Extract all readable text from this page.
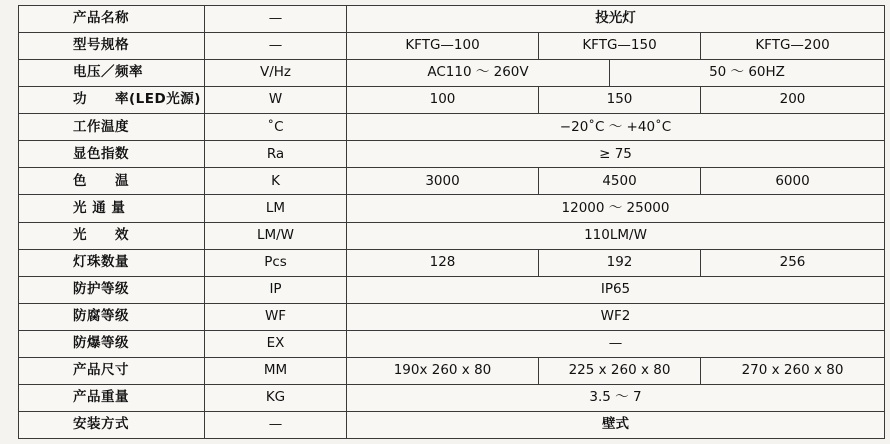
产品名称	—	投光灯			
型号规格	—	KFTG—100	KFTG—150		KFTG—200
电压／频率	V/Hz	AC110 ～ 260V		50 ～ 60HZ	
功　　率(LED光源)	W	100	150		200
工作温度	˚C	−20˚C ～ +40˚C			
显色指数	Ra	≥ 75			
色　　温	K	3000	4500		6000
光 通 量	LM	12000 ～ 25000			
光　　效	LM/W	110LM/W			
灯珠数量	Pcs	128	192		256
防护等级	IP	IP65			
防腐等级	WF	WF2			
防爆等级	EX	—			
产品尺寸	MM	190x 260 x 80	225 x 260 x 80		270 x 260 x 80
产品重量	KG	3.5 ～ 7			
安装方式	—	壁式			
